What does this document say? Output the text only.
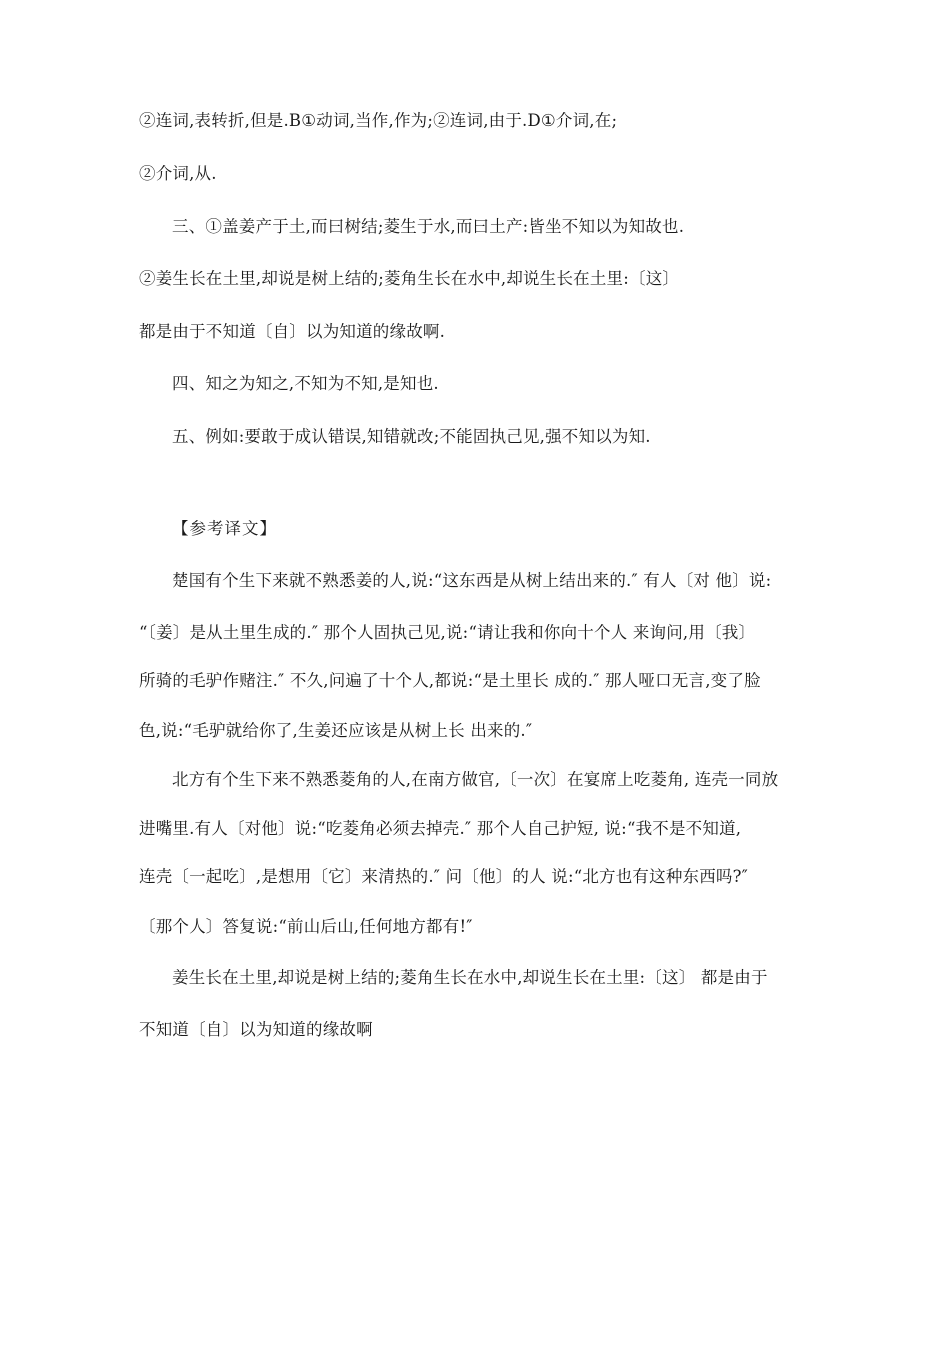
②连词,表转折,但是.B①动词,当作,作为;②连词,由于.D①介词,在;
②介词,从.
三、①盖姜产于土,而曰树结;菱生于水,而曰土产:皆坐不知以为知故也.
②姜生长在土里,却说是树上结的;菱角生长在水中,却说生长在土里:〔这〕
都是由于不知道〔自〕以为知道的缘故啊.
四、知之为知之,不知为不知,是知也.
五、例如:要敢于成认错误,知错就改;不能固执己见,强不知以为知.
【参考译文】
楚国有个生下来就不熟悉姜的人,说:“这东西是从树上结出来的.″ 有人〔对 他〕说:
“〔姜〕是从土里生成的.″ 那个人固执己见,说:“请让我和你向十个人 来询问,用〔我〕
所骑的毛驴作赌注.″ 不久,问遍了十个人,都说:“是土里长 成的.″ 那人哑口无言,变了脸
色,说:“毛驴就给你了,生姜还应该是从树上长 出来的.″
北方有个生下来不熟悉菱角的人,在南方做官,〔一次〕在宴席上吃菱角, 连壳一同放
进嘴里.有人〔对他〕说:“吃菱角必须去掉壳.″ 那个人自己护短, 说:“我不是不知道,
连壳〔一起吃〕,是想用〔它〕来清热的.″ 问〔他〕的人 说:“北方也有这种东西吗?″
〔那个人〕答复说:“前山后山,任何地方都有!″
姜生长在土里,却说是树上结的;菱角生长在水中,却说生长在土里:〔这〕 都是由于
不知道〔自〕以为知道的缘故啊
